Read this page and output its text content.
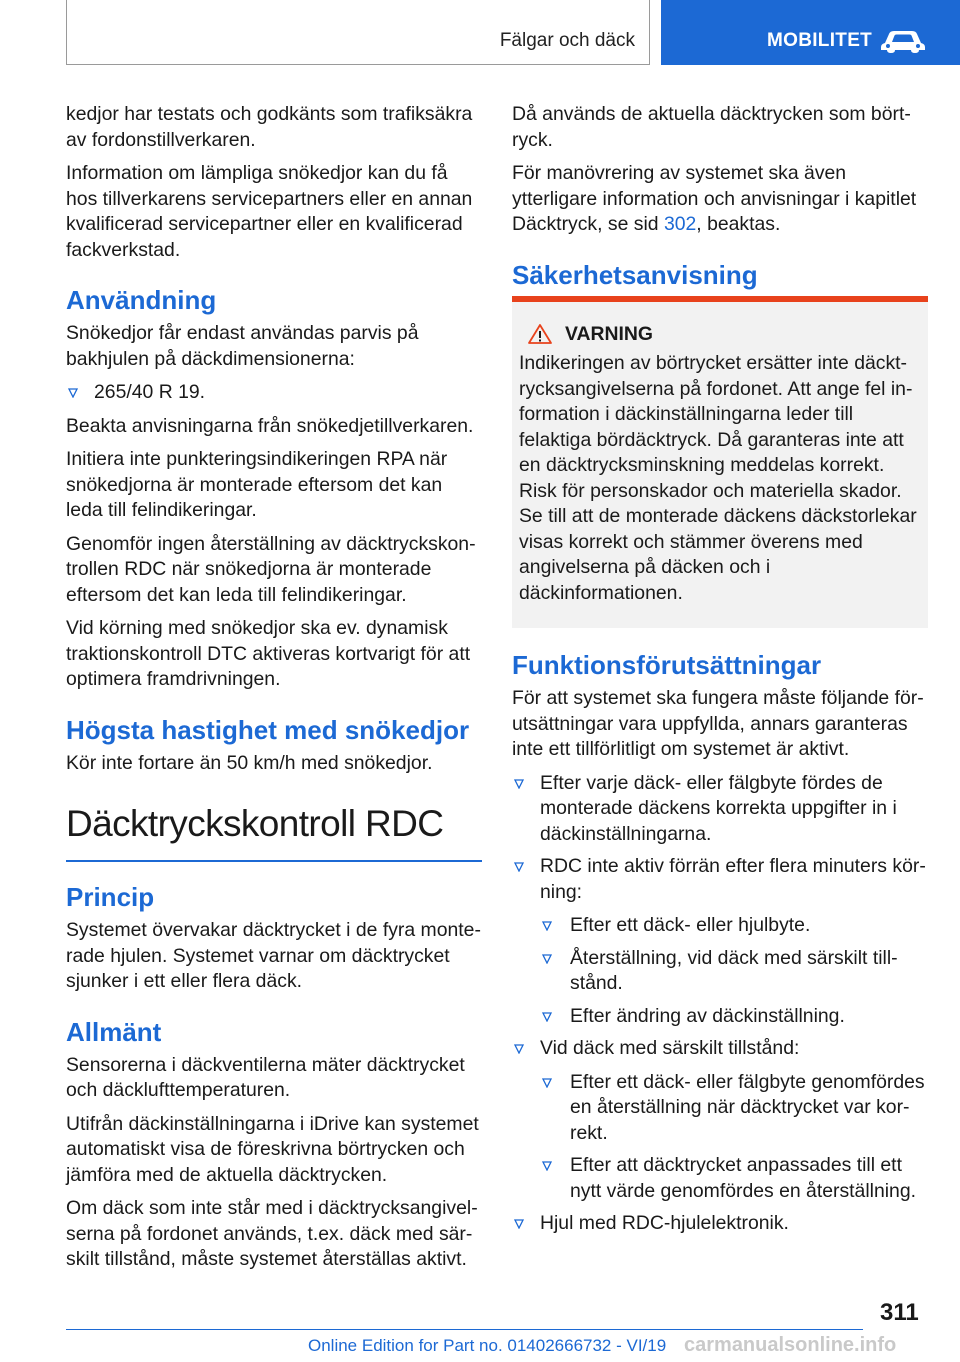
Fälgar och däck	MOBILITET

kedjor har testats och godkänts som trafiksäkra av fordonstillverkaren.

Information om lämpliga snökedjor kan du få hos tillverkarens servicepartners eller en annan kvalificerad servicepartner eller en kvalificerad fackverkstad.

Användning

Snökedjor får endast användas parvis på bakhjulen på däckdimensionerna:

265/40 R 19.

Beakta anvisningarna från snökedjetillverkaren.

Initiera inte punkteringsindikeringen RPA när snökedjorna är monterade eftersom det kan leda till felindikeringar.

Genomför ingen återställning av däcktryckskontrollen RDC när snökedjorna är monterade eftersom det kan leda till felindikeringar.

Vid körning med snökedjor ska ev. dynamisk traktionskontroll DTC aktiveras kortvarigt för att optimera framdrivningen.

Högsta hastighet med snökedjor

Kör inte fortare än 50 km/h med snökedjor.

Däcktryckskontroll RDC
Princip

Systemet övervakar däcktrycket i de fyra monterade hjulen. Systemet varnar om däcktrycket sjunker i ett eller flera däck.

Allmänt

Sensorerna i däckventilerna mäter däcktrycket och däcklufttemperaturen.

Utifrån däckinställningarna i iDrive kan systemet automatiskt visa de föreskrivna börtrycken och jämföra med de aktuella däcktrycken.

Om däck som inte står med i däcktrycksangivelserna på fordonet används, t.ex. däck med särskilt tillstånd, måste systemet återställas aktivt.

Då används de aktuella däcktrycken som börtryck.

För manövrering av systemet ska även ytterligare information och anvisningar i kapitlet Däcktryck, se sid 302, beaktas.

Säkerhetsanvisning
VARNING

Indikeringen av börtrycket ersätter inte däcktrycksangivelserna på fordonet. Att ange fel information i däckinställningarna leder till felaktiga bördäcktryck. Då garanteras inte att en däcktrycksminskning meddelas korrekt. Risk för personskador och materiella skador. Se till att de monterade däckens däckstorlekar visas korrekt och stämmer överens med angivelserna på däcken och i däckinformationen.

Funktionsförutsättningar

För att systemet ska fungera måste följande förutsättningar vara uppfyllda, annars garanteras inte ett tillförlitligt om systemet är aktivt.

Efter varje däck- eller fälgbyte fördes de monterade däckens korrekta uppgifter in i däckinställningarna.
RDC inte aktiv förrän efter flera minuters körning:
Efter ett däck- eller hjulbyte.
Återställning, vid däck med särskilt tillstånd.
Efter ändring av däckinställning.
Vid däck med särskilt tillstånd:
Efter ett däck- eller fälgbyte genomfördes en återställning när däcktrycket var korrekt.
Efter att däcktrycket anpassades till ett nytt värde genomfördes en återställning.
Hjul med RDC-hjulelektronik.
311
Online Edition for Part no. 01402666732 - VI/19 carmanualsonline.info
